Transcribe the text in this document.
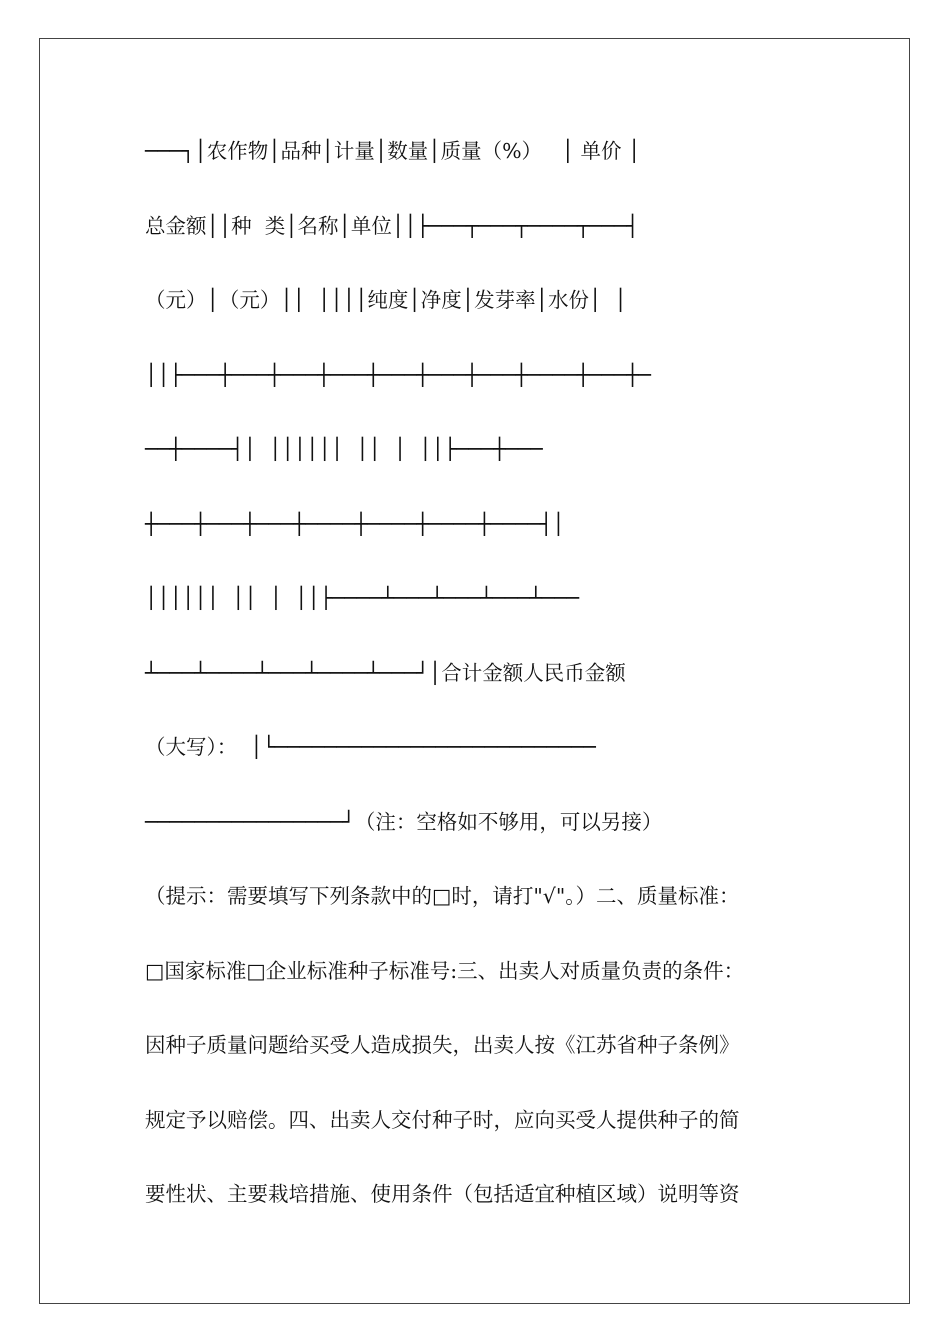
───┐│农作物│品种│计量│数量│质量（%）   │ 单价 │
总金额││种  类│名称│单位││├───┬───┬────┬───┤
（元）│（元）││  ││││纯度│净度│发芽率│水份│  │
││├───┼───┼───┼───┼───┼───┼───┼────┼───┼─
──┼────┤│  ││││││  ││  │  ││├───┼───
┼───┼───┼───┼────┼────┼────┼────┤│
││││││  ││  │  ││├────┴───┴───┴───┴───
┴───┴────┴───┴────┴───┘│合计金额人民币金额
（大写）：  │└──────────────────────────
────────────────┘（注：空格如不够用，可以另接）
（提示：需要填写下列条款中的□时，请打"√"。）二、质量标准：
□国家标准□企业标准种子标准号:三、出卖人对质量负责的条件：
因种子质量问题给买受人造成损失，出卖人按《江苏省种子条例》
规定予以赔偿。四、出卖人交付种子时，应向买受人提供种子的简
要性状、主要栽培措施、使用条件（包括适宜种植区域）说明等资
